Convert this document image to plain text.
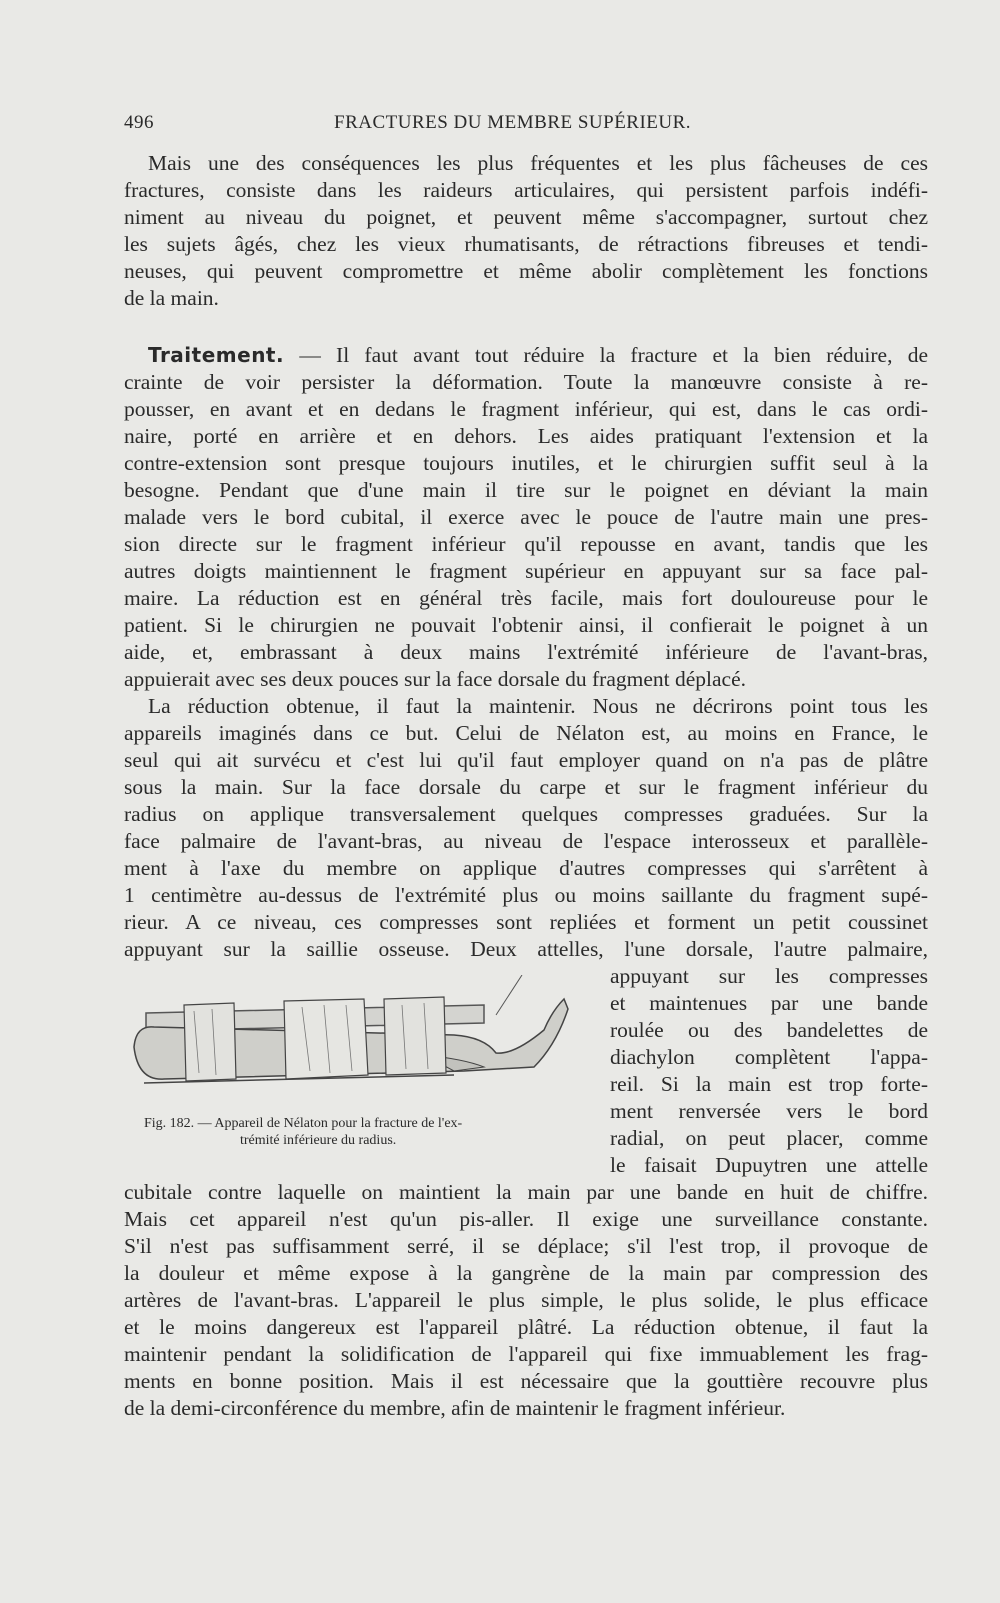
496	FRACTURES DU MEMBRE SUPÉRIEUR.
Mais une des conséquences les plus fréquentes et les plus fâcheuses de ces
fractures, consiste dans les raideurs articulaires, qui persistent parfois indéfi-
niment au niveau du poignet, et peuvent même s'accompagner, surtout chez
les sujets âgés, chez les vieux rhumatisants, de rétractions fibreuses et tendi-
neuses, qui peuvent compromettre et même abolir complètement les fonctions
de la main.
Traitement. — Il faut avant tout réduire la fracture et la bien réduire, de
crainte de voir persister la déformation. Toute la manœuvre consiste à re-
pousser, en avant et en dedans le fragment inférieur, qui est, dans le cas ordi-
naire, porté en arrière et en dehors. Les aides pratiquant l'extension et la
contre-extension sont presque toujours inutiles, et le chirurgien suffit seul à la
besogne. Pendant que d'une main il tire sur le poignet en déviant la main
malade vers le bord cubital, il exerce avec le pouce de l'autre main une pres-
sion directe sur le fragment inférieur qu'il repousse en avant, tandis que les
autres doigts maintiennent le fragment supérieur en appuyant sur sa face pal-
maire. La réduction est en général très facile, mais fort douloureuse pour le
patient. Si le chirurgien ne pouvait l'obtenir ainsi, il confierait le poignet à un
aide, et, embrassant à deux mains l'extrémité inférieure de l'avant-bras,
appuierait avec ses deux pouces sur la face dorsale du fragment déplacé.
La réduction obtenue, il faut la maintenir. Nous ne décrirons point tous les
appareils imaginés dans ce but. Celui de Nélaton est, au moins en France, le
seul qui ait survécu et c'est lui qu'il faut employer quand on n'a pas de plâtre
sous la main. Sur la face dorsale du carpe et sur le fragment inférieur du
radius on applique transversalement quelques compresses graduées. Sur la
face palmaire de l'avant-bras, au niveau de l'espace interosseux et parallèle-
ment à l'axe du membre on applique d'autres compresses qui s'arrêtent à
1 centimètre au-dessus de l'extrémité plus ou moins saillante du fragment supé-
rieur. A ce niveau, ces compresses sont repliées et forment un petit coussinet
appuyant sur la saillie osseuse. Deux attelles, l'une dorsale, l'autre palmaire,
Fig. 182. — Appareil de Nélaton pour la fracture de l'ex-
trémité inférieure du radius.
appuyant sur les compresses
et maintenues par une bande
roulée ou des bandelettes de
diachylon complètent l'appa-
reil. Si la main est trop forte-
ment renversée vers le bord
radial, on peut placer, comme
le faisait Dupuytren une attelle
cubitale contre laquelle on maintient la main par une bande en huit de chiffre.
Mais cet appareil n'est qu'un pis-aller. Il exige une surveillance constante.
S'il n'est pas suffisamment serré, il se déplace; s'il l'est trop, il provoque de
la douleur et même expose à la gangrène de la main par compression des
artères de l'avant-bras. L'appareil le plus simple, le plus solide, le plus efficace
et le moins dangereux est l'appareil plâtré. La réduction obtenue, il faut la
maintenir pendant la solidification de l'appareil qui fixe immuablement les frag-
ments en bonne position. Mais il est nécessaire que la gouttière recouvre plus
de la demi-circonférence du membre, afin de maintenir le fragment inférieur.
